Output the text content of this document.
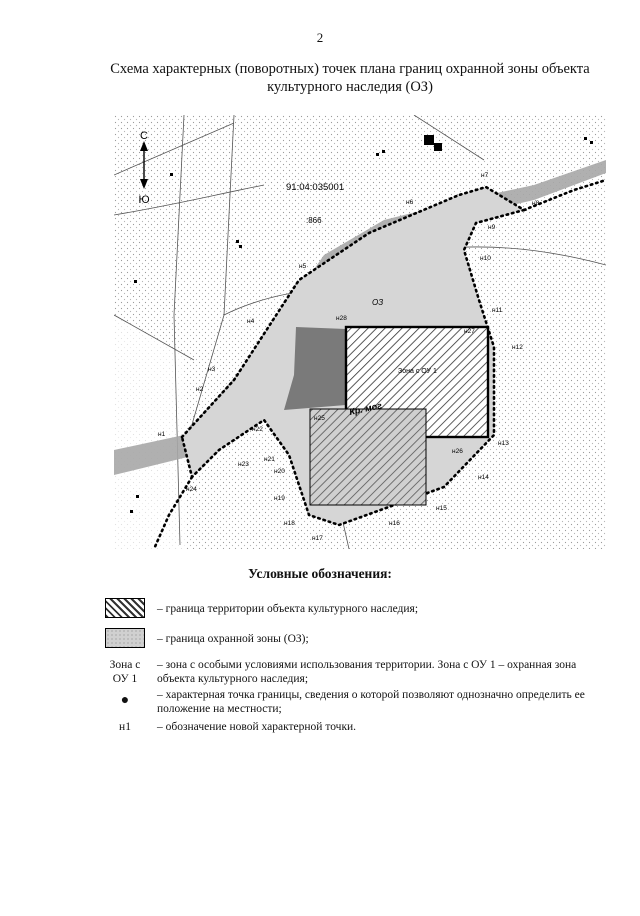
2
Схема характерных (поворотных) точек плана границ охранной зоны объекта
культурного наследия (ОЗ)
С
Ю
91:04:035001
:866
ОЗ
Зона с ОУ 1
Кр. мог
н1
н2
н3
н4
н5
н6
н7
н8
н9
н10
н11
н12
н13
н14
н15
н16
н17
н18
н19
н20
н21
н22
н23
н24
н25
н26
н27
н28
Условные обозначения:
– граница территории объекта культурного наследия;
– граница охранной зоны (ОЗ);
Зона с
ОУ 1
– зона с особыми условиями использования территории. Зона с ОУ 1 – охранная зона
объекта культурного наследия;
●	– характерная точка границы, сведения о которой позволяют однозначно определить ее
положение на местности;
н1	– обозначение новой характерной точки.
